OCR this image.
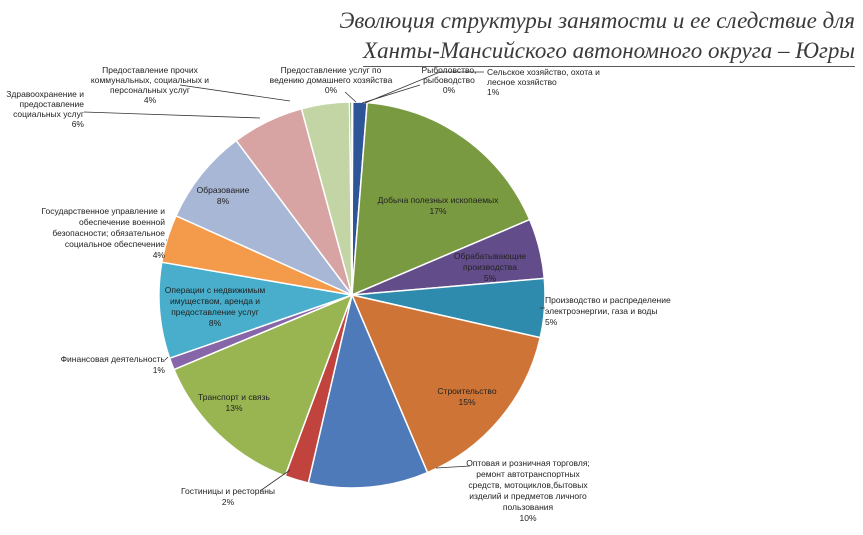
Эволюция структуры занятости и ее следствие для
Ханты-Мансийского автономного округа – Югры
Сельское хозяйство, охота и лесное хозяйство 1%
Добыча полезных ископаемых 17%
Обрабатывающие производства 5%
Производство и распределение электроэнергии, газа и воды 5%
Строительство 15%
Оптовая и розничная торговля; ремонт автотранспортных средств, мотоциклов,бытовых изделий и предметов личного пользования 10%
Гостиницы и рестораны 2%
Транспорт и связь 13%
Финансовая деятельность 1%
Операции с недвижимым имуществом, аренда и предоставление услуг 8%
Государственное управление и обеспечение военной безопасности; обязательное социальное обеспечение 4%
Образование 8%
Здравоохранение и предоставление социальных услуг 6%
Предоставление прочих коммунальных, социальных и персональных услуг 4%
Предоставление услуг по ведению домашнего хозяйства 0%
Рыболовство, рыбоводство 0%
